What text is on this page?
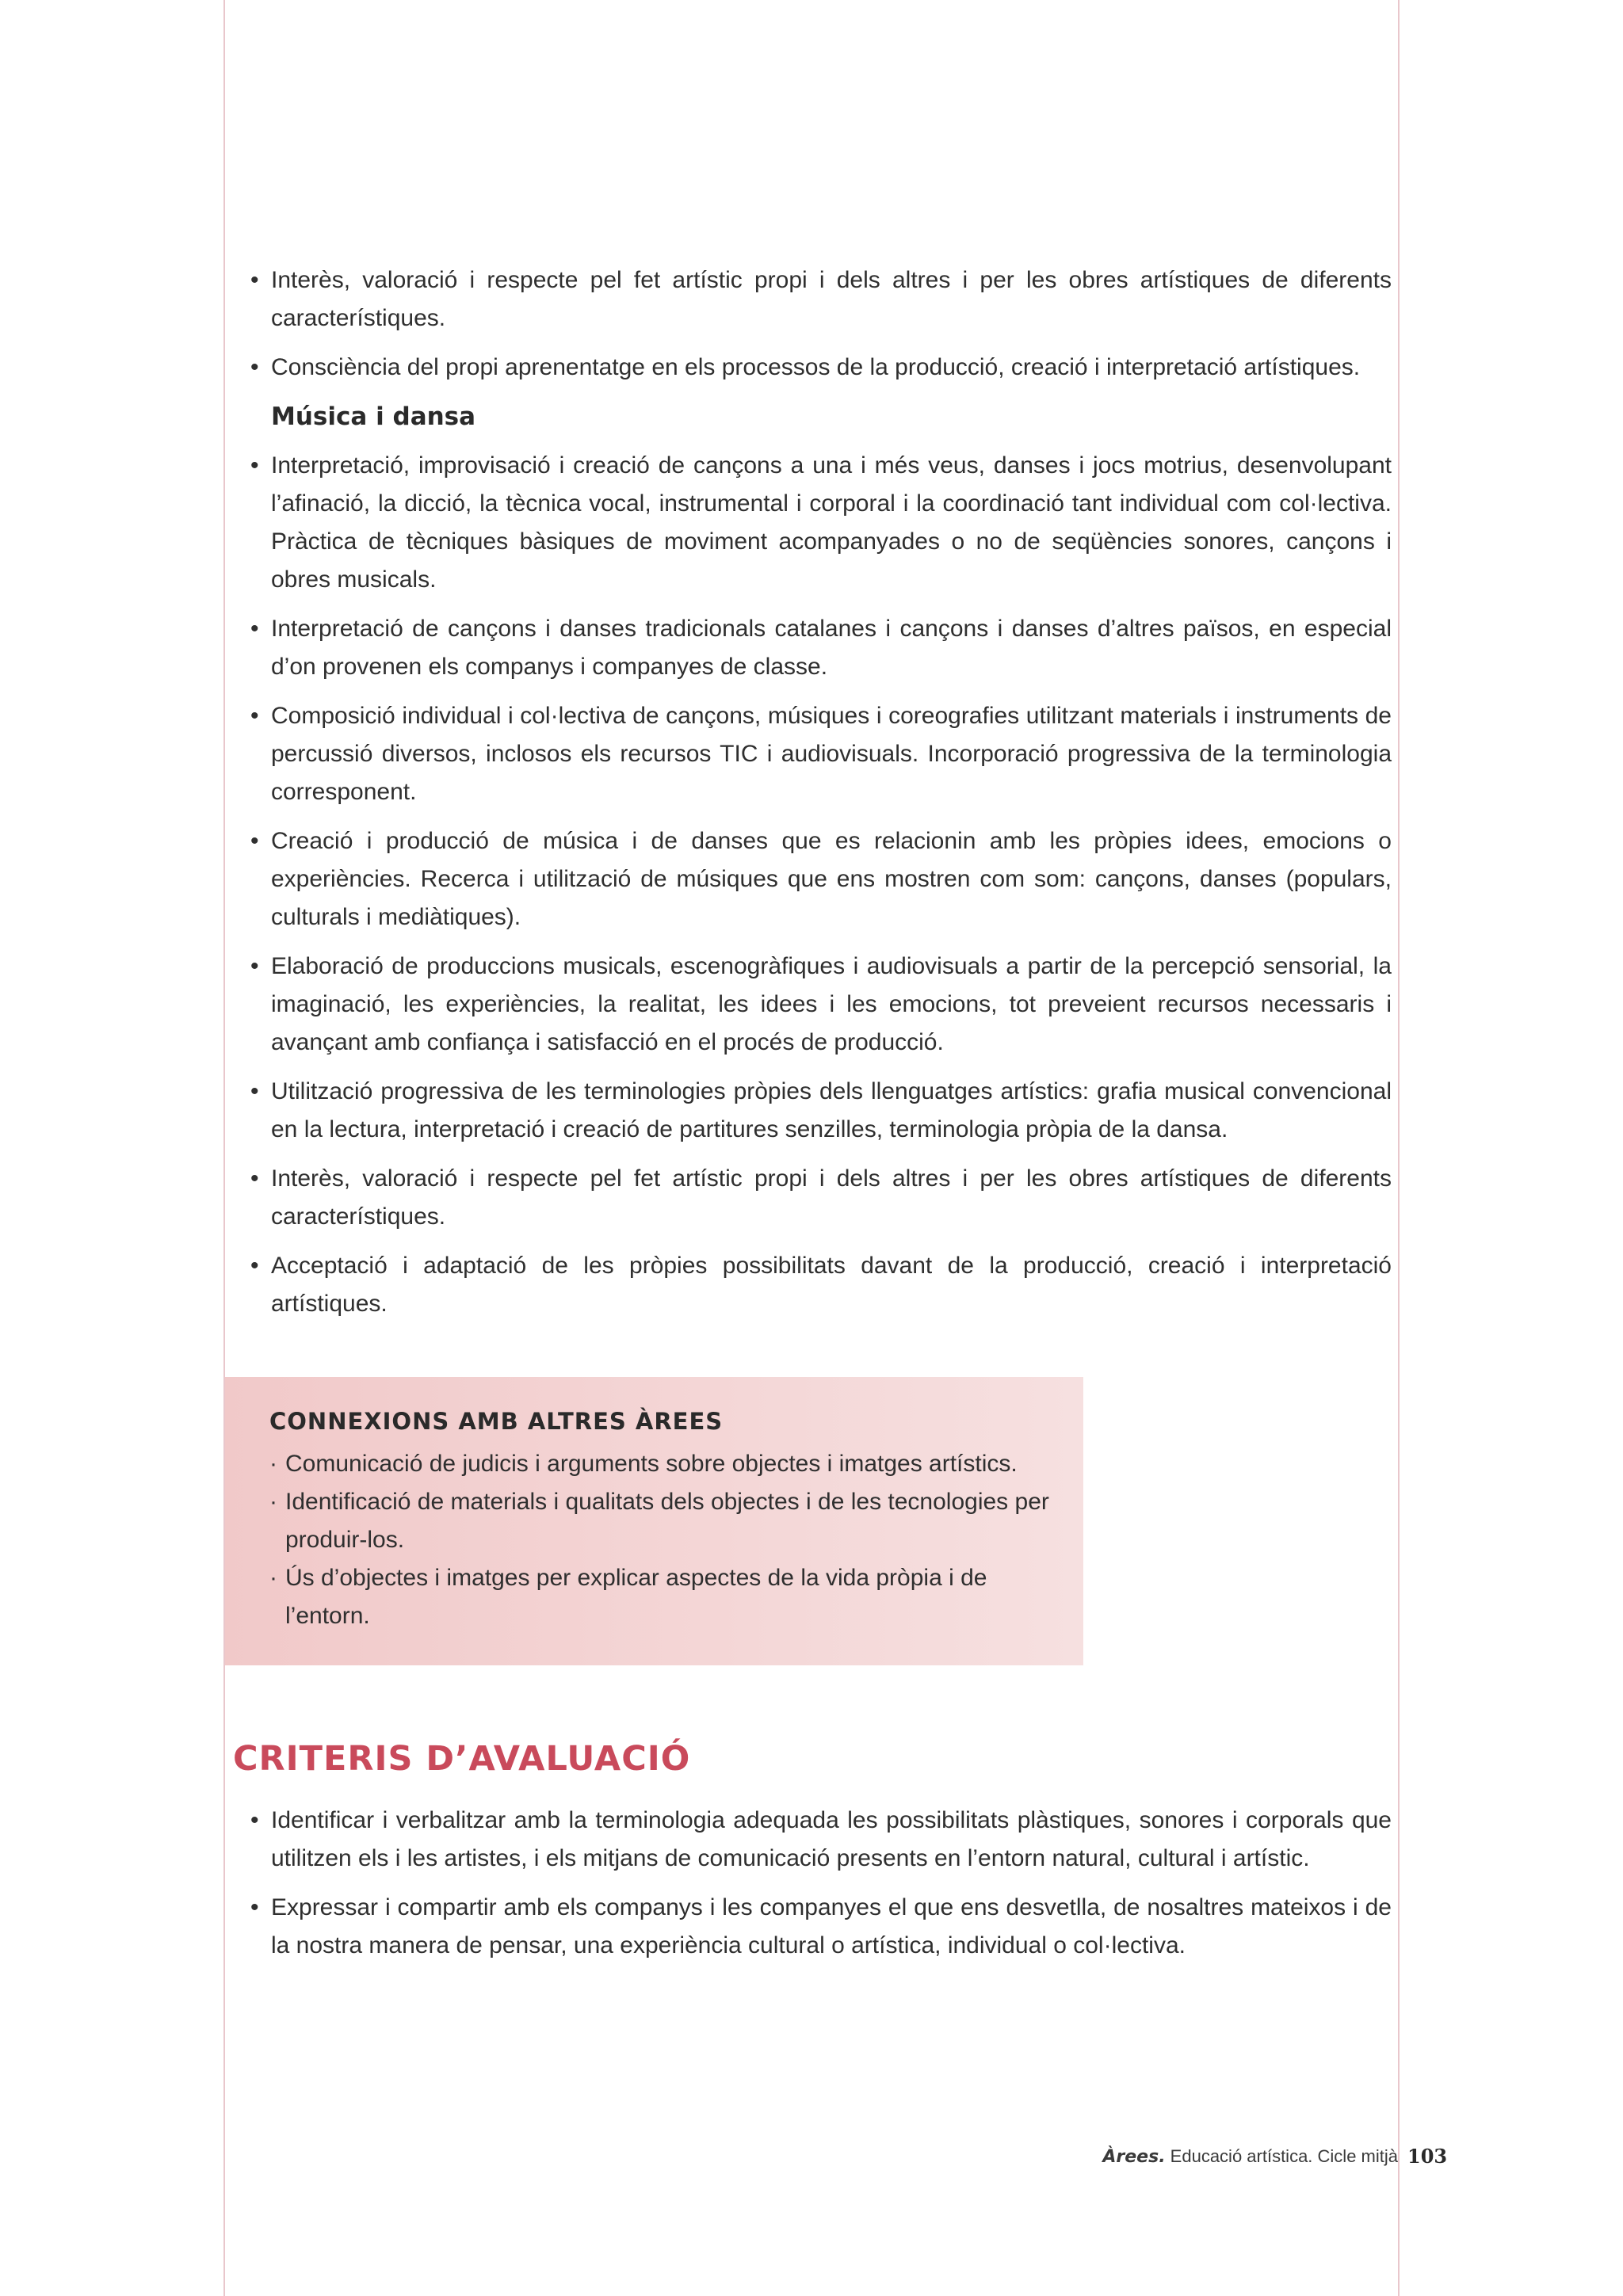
• Interès, valoració i respecte pel fet artístic propi i dels altres i per les obres artístiques de diferents característiques.
• Consciència del propi aprenentatge en els processos de la producció, creació i interpretació artístiques.
Música i dansa
• Interpretació, improvisació i creació de cançons a una i més veus, danses i jocs motrius, desenvolupant l’afinació, la dicció, la tècnica vocal, instrumental i corporal i la coordinació tant individual com col·lectiva. Pràctica de tècniques bàsiques de moviment acompanyades o no de seqüències sonores, cançons i obres musicals.
• Interpretació de cançons i danses tradicionals catalanes i cançons i danses d’altres països, en especial d’on provenen els companys i companyes de classe.
• Composició individual i col·lectiva de cançons, músiques i coreografies utilitzant materials i instruments de percussió diversos, inclosos els recursos TIC i audiovisuals. Incorporació progressiva de la terminologia corresponent.
• Creació i producció de música i de danses que es relacionin amb les pròpies idees, emocions o experiències. Recerca i utilització de músiques que ens mostren com som: cançons, danses (populars, culturals i mediàtiques).
• Elaboració de produccions musicals, escenogràfiques i audiovisuals a partir de la percepció sensorial, la imaginació, les experiències, la realitat, les idees i les emocions, tot preveient recursos necessaris i avançant amb confiança i satisfacció en el procés de producció.
• Utilització progressiva de les terminologies pròpies dels llenguatges artístics: grafia musical convencional en la lectura, interpretació i creació de partitures senzilles, terminologia pròpia de la dansa.
• Interès, valoració i respecte pel fet artístic propi i dels altres i per les obres artístiques de diferents característiques.
• Acceptació i adaptació de les pròpies possibilitats davant de la producció, creació i interpretació artístiques.
CONNEXIONS AMB ALTRES ÀREES
· Comunicació de judicis i arguments sobre objectes i imatges artístics.
· Identificació de materials i qualitats dels objectes i de les tecnologies per produir-los.
· Ús d’objectes i imatges per explicar aspectes de la vida pròpia i de l’entorn.
CRITERIS D’AVALUACIÓ
• Identificar i verbalitzar amb la terminologia adequada les possibilitats plàstiques, sonores i corporals que utilitzen els i les artistes, i els mitjans de comunicació presents en l’entorn natural, cultural i artístic.
• Expressar i compartir amb els companys i les companyes el que ens desvetlla, de nosaltres mateixos i de la nostra manera de pensar, una experiència cultural o artística, individual o col·lectiva.
Àrees. Educació artística. Cicle mitjà 103
